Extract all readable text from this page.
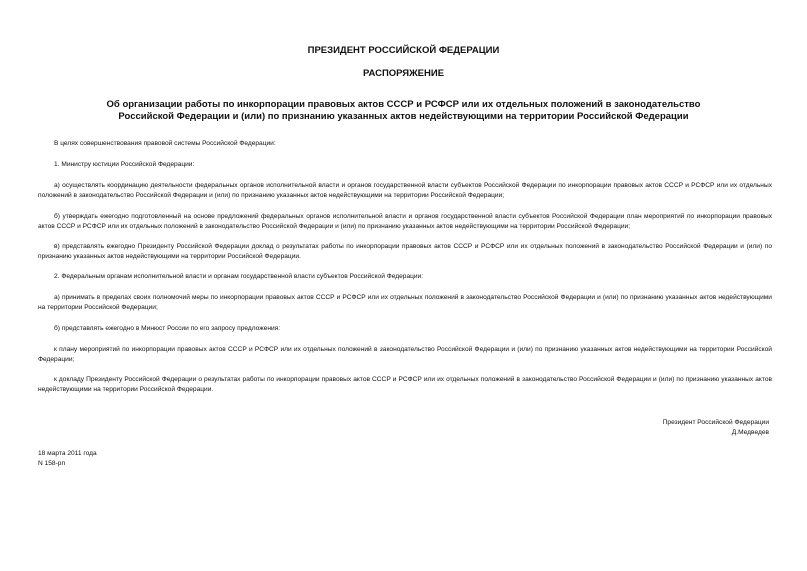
ПРЕЗИДЕНТ РОССИЙСКОЙ ФЕДЕРАЦИИ

РАСПОРЯЖЕНИЕ

Об организации работы по инкорпорации правовых актов СССР и РСФСР или их отдельных положений в законодательство

Российской Федерации и (или) по признанию указанных актов недействующими на территории Российской Федерации

В целях совершенствования правовой системы Российской Федерации:

1. Министру юстиции Российской Федерации:

а) осуществлять координацию деятельности федеральных органов исполнительной власти и органов государственной власти субъектов Российской Федерации по инкорпорации правовых актов СССР и РСФСР или их отдельных положений в законодательство Российской Федерации и (или) по признанию указанных актов недействующими на территории Российской Федерации;

б) утверждать ежегодно подготовленный на основе предложений федеральных органов исполнительной власти и органов государственной власти субъектов Российской Федерации план мероприятий по инкорпорации правовых актов СССР и РСФСР или их отдельных положений в законодательство Российской Федерации и (или) по признанию указанных актов недействующими на территории Российской Федерации;

в) представлять ежегодно Президенту Российской Федерации доклад о результатах работы по инкорпорации правовых актов СССР и РСФСР или их отдельных положений в законодательство Российской Федерации и (или) по признанию указанных актов недействующими на территории Российской Федерации.

2. Федеральным органам исполнительной власти и органам государственной власти субъектов Российской Федерации:

а) принимать в пределах своих полномочий меры по инкорпорации правовых актов СССР и РСФСР или их отдельных положений в законодательство Российской Федерации и (или) по признанию указанных актов недействующими на территории Российской Федерации;

б) представлять ежегодно в Минюст России по его запросу предложения:

к плану мероприятий по инкорпорации правовых актов СССР и РСФСР или их отдельных положений в законодательство Российской Федерации и (или) по признанию указанных актов недействующими на территории Российской Федерации;

к докладу Президенту Российской Федерации о результатах работы по инкорпорации правовых актов СССР и РСФСР или их отдельных положений в законодательство Российской Федерации и (или) по признанию указанных актов недействующими на территории Российской Федерации.

Президент Российской Федерации

Д.Медведев

18 марта 2011 года

N 158-рп
